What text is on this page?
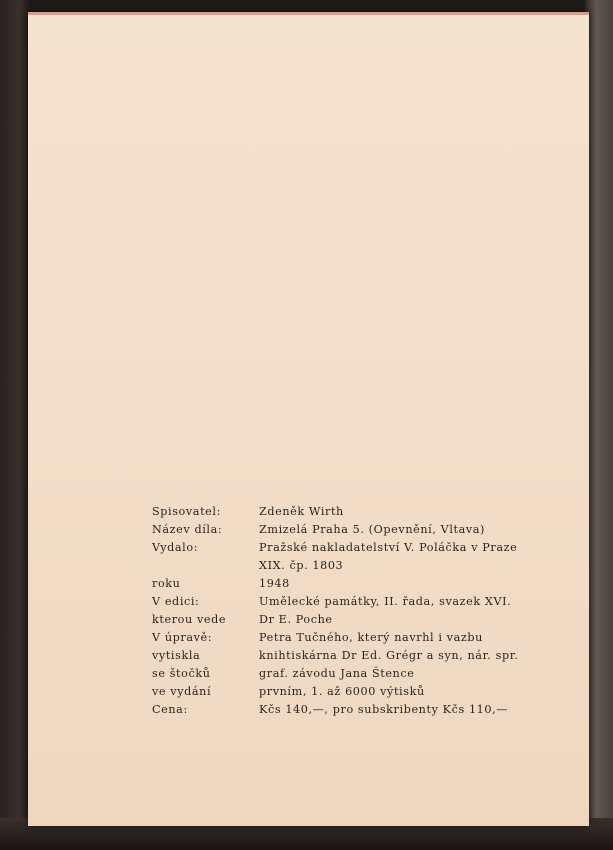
Spisovatel:	Zdeněk Wirth
Název díla:	Zmizelá Praha 5. (Opevnění, Vltava)
Vydalo:	Pražské nakladatelství V. Poláčka v Praze
XIX. čp. 1803
roku	1948
V edici:	Umělecké památky, II. řada, svazek XVI.
kterou vede	Dr E. Poche
V úpravě:	Petra Tučného, který navrhl i vazbu
vytiskla	knihtiskárna Dr Ed. Grégr a syn, nár. spr.
se štočků	graf. závodu Jana Štence
ve vydání	prvním, 1. až 6000 výtisků
Cena:	Kčs 140,—, pro subskribenty Kčs 110,—
